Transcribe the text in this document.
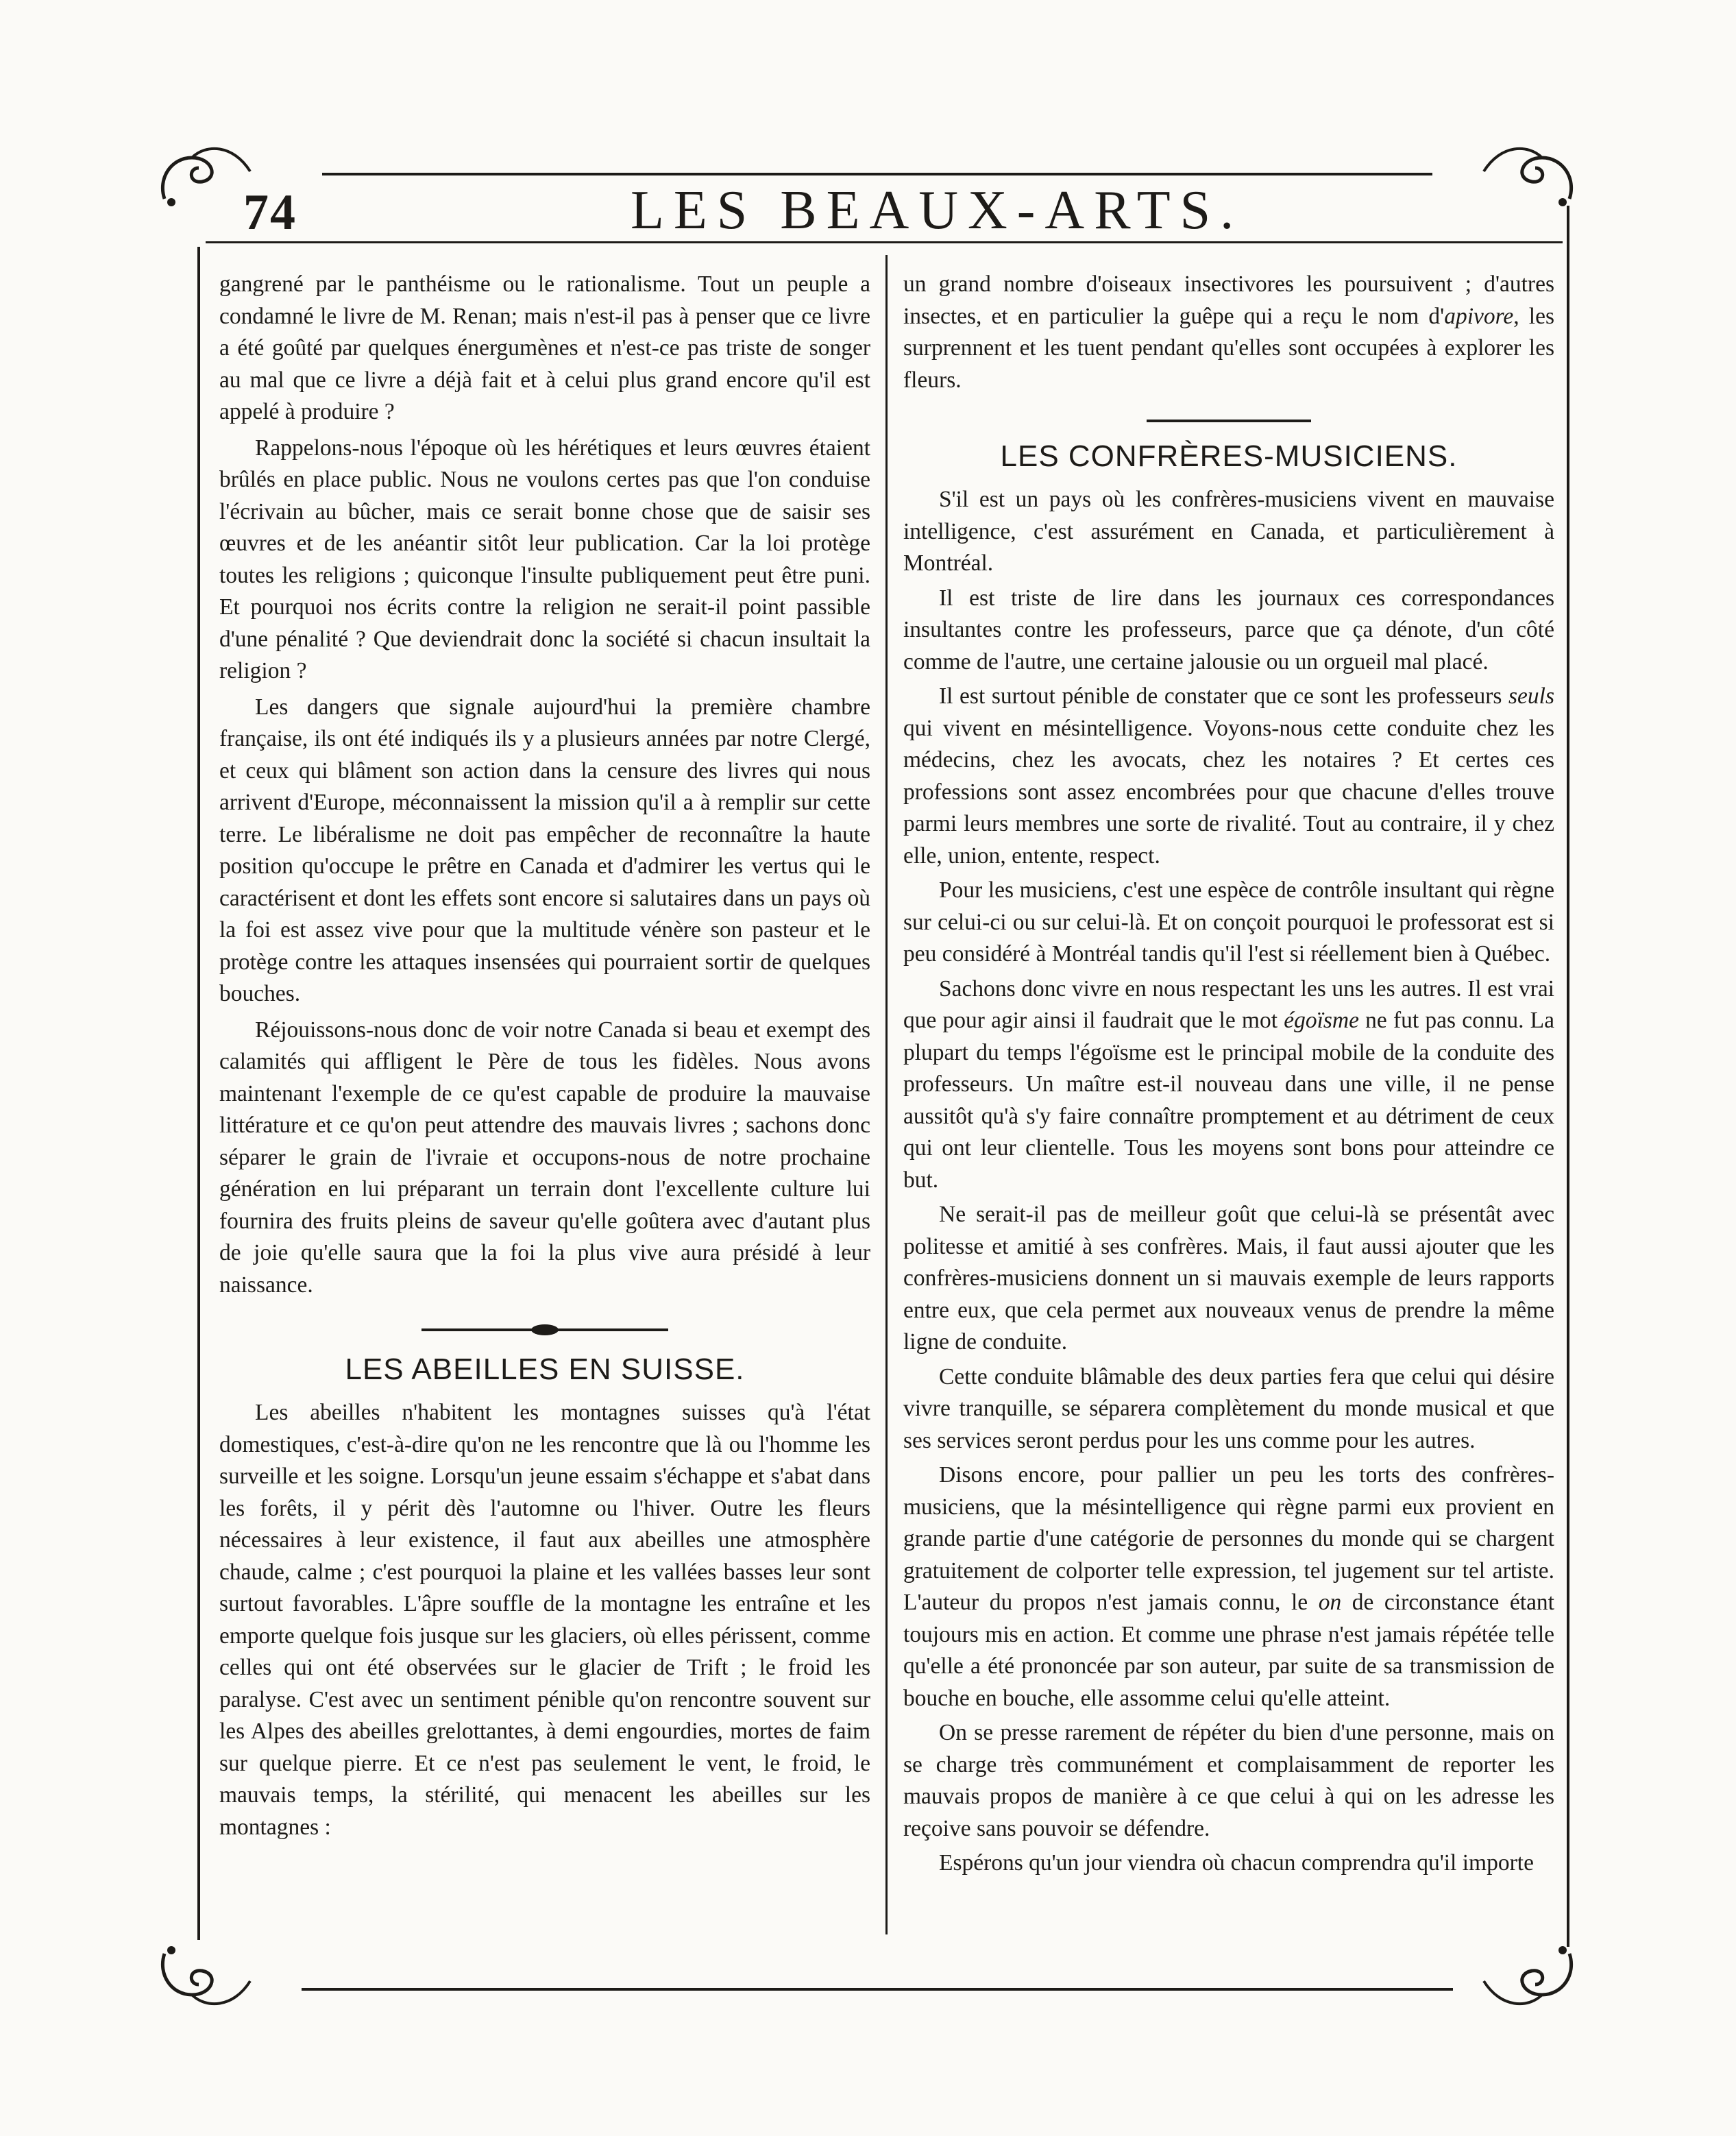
74	LES BEAUX-ARTS.

gangrené par le panthéisme ou le rationalisme. Tout un peuple a condamné le livre de M. Renan; mais n'est-il pas à penser que ce livre a été goûté par quelques énergumènes et n'est-ce pas triste de songer au mal que ce livre a déjà fait et à celui plus grand encore qu'il est appelé à produire ?

Rappelons-nous l'époque où les hérétiques et leurs œuvres étaient brûlés en place public. Nous ne voulons certes pas que l'on conduise l'écrivain au bûcher, mais ce serait bonne chose que de saisir ses œuvres et de les anéantir sitôt leur publication. Car la loi protège toutes les religions ; quiconque l'insulte publiquement peut être puni. Et pourquoi nos écrits contre la religion ne serait-il point passible d'une pénalité ? Que deviendrait donc la société si chacun insultait la religion ?

Les dangers que signale aujourd'hui la première chambre française, ils ont été indiqués ils y a plusieurs années par notre Clergé, et ceux qui blâment son action dans la censure des livres qui nous arrivent d'Europe, méconnaissent la mission qu'il a à remplir sur cette terre. Le libéralisme ne doit pas empêcher de reconnaître la haute position qu'occupe le prêtre en Canada et d'admirer les vertus qui le caractérisent et dont les effets sont encore si salutaires dans un pays où la foi est assez vive pour que la multitude vénère son pasteur et le protège contre les attaques insensées qui pourraient sortir de quelques bouches.

Réjouissons-nous donc de voir notre Canada si beau et exempt des calamités qui affligent le Père de tous les fidèles. Nous avons maintenant l'exemple de ce qu'est capable de produire la mauvaise littérature et ce qu'on peut attendre des mauvais livres ; sachons donc séparer le grain de l'ivraie et occupons-nous de notre prochaine génération en lui préparant un terrain dont l'excellente culture lui fournira des fruits pleins de saveur qu'elle goûtera avec d'autant plus de joie qu'elle saura que la foi la plus vive aura présidé à leur naissance.

LES ABEILLES EN SUISSE.

Les abeilles n'habitent les montagnes suisses qu'à l'état domestiques, c'est-à-dire qu'on ne les rencontre que là ou l'homme les surveille et les soigne. Lorsqu'un jeune essaim s'échappe et s'abat dans les forêts, il y périt dès l'automne ou l'hiver. Outre les fleurs nécessaires à leur existence, il faut aux abeilles une atmosphère chaude, calme ; c'est pourquoi la plaine et les vallées basses leur sont surtout favorables. L'âpre souffle de la montagne les entraîne et les emporte quelque fois jusque sur les glaciers, où elles périssent, comme celles qui ont été observées sur le glacier de Trift ; le froid les paralyse. C'est avec un sentiment pénible qu'on rencontre souvent sur les Alpes des abeilles grelottantes, à demi engourdies, mortes de faim sur quelque pierre. Et ce n'est pas seulement le vent, le froid, le mauvais temps, la stérilité, qui menacent les abeilles sur les montagnes :

un grand nombre d'oiseaux insectivores les poursuivent ; d'autres insectes, et en particulier la guêpe qui a reçu le nom d'apivore, les surprennent et les tuent pendant qu'elles sont occupées à explorer les fleurs.

LES CONFRÈRES-MUSICIENS.

S'il est un pays où les confrères-musiciens vivent en mauvaise intelligence, c'est assurément en Canada, et particulièrement à Montréal.

Il est triste de lire dans les journaux ces correspondances insultantes contre les professeurs, parce que ça dénote, d'un côté comme de l'autre, une certaine jalousie ou un orgueil mal placé.

Il est surtout pénible de constater que ce sont les professeurs seuls qui vivent en mésintelligence. Voyons-nous cette conduite chez les médecins, chez les avocats, chez les notaires ? Et certes ces professions sont assez encombrées pour que chacune d'elles trouve parmi leurs membres une sorte de rivalité. Tout au contraire, il y chez elle, union, entente, respect.

Pour les musiciens, c'est une espèce de contrôle insultant qui règne sur celui-ci ou sur celui-là. Et on conçoit pourquoi le professorat est si peu considéré à Montréal tandis qu'il l'est si réellement bien à Québec.

Sachons donc vivre en nous respectant les uns les autres. Il est vrai que pour agir ainsi il faudrait que le mot égoïsme ne fut pas connu. La plupart du temps l'égoïsme est le principal mobile de la conduite des professeurs. Un maître est-il nouveau dans une ville, il ne pense aussitôt qu'à s'y faire connaître promptement et au détriment de ceux qui ont leur clientelle. Tous les moyens sont bons pour atteindre ce but.

Ne serait-il pas de meilleur goût que celui-là se présentât avec politesse et amitié à ses confrères. Mais, il faut aussi ajouter que les confrères-musiciens donnent un si mauvais exemple de leurs rapports entre eux, que cela permet aux nouveaux venus de prendre la même ligne de conduite.

Cette conduite blâmable des deux parties fera que celui qui désire vivre tranquille, se séparera complètement du monde musical et que ses services seront perdus pour les uns comme pour les autres.

Disons encore, pour pallier un peu les torts des confrères-musiciens, que la mésintelligence qui règne parmi eux provient en grande partie d'une catégorie de personnes du monde qui se chargent gratuitement de colporter telle expression, tel jugement sur tel artiste. L'auteur du propos n'est jamais connu, le on de circonstance étant toujours mis en action. Et comme une phrase n'est jamais répétée telle qu'elle a été prononcée par son auteur, par suite de sa transmission de bouche en bouche, elle assomme celui qu'elle atteint.

On se presse rarement de répéter du bien d'une personne, mais on se charge très communément et complaisamment de reporter les mauvais propos de manière à ce que celui à qui on les adresse les reçoive sans pouvoir se défendre.

Espérons qu'un jour viendra où chacun comprendra qu'il importe
